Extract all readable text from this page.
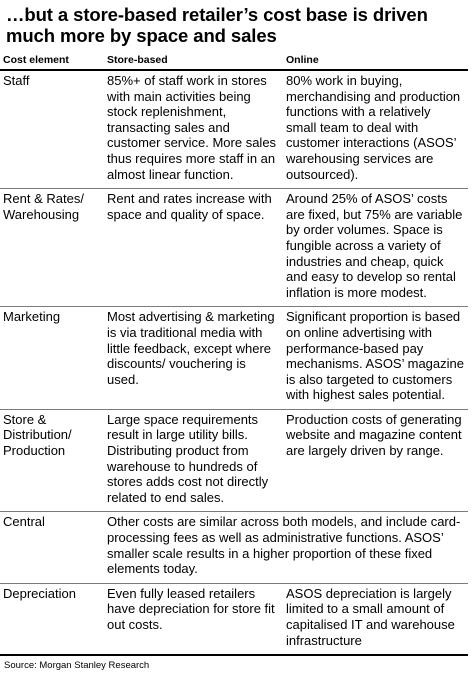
…but a store-based retailer’s cost base is driven much more by space and sales
Cost element	Store-based	Online
Staff	85%+ of staff work in stores with main activities being stock replenishment, transacting sales and customer service. More sales thus requires more staff in an almost linear function.	80% work in buying, merchandising and production functions with a relatively small team to deal with customer interactions (ASOS’ warehousing services are outsourced).
Rent & Rates/ Warehousing	Rent and rates increase with space and quality of space.	Around 25% of ASOS’ costs are fixed, but 75% are variable by order volumes. Space is fungible across a variety of industries and cheap, quick and easy to develop so rental inflation is more modest.
Marketing	Most advertising & marketing is via traditional media with little feedback, except where discounts/ vouchering is used.	Significant proportion is based on online advertising with performance-based pay mechanisms. ASOS’ magazine is also targeted to customers with highest sales potential.
Store & Distribution/ Production	Large space requirements result in large utility bills. Distributing product from warehouse to hundreds of stores adds cost not directly related to end sales.	Production costs of generating website and magazine content are largely driven by range.
Central	Other costs are similar across both models, and include card-processing fees as well as administrative functions. ASOS’ smaller scale results in a higher proportion of these fixed elements today.	
Depreciation	Even fully leased retailers have depreciation for store fit out costs.	ASOS depreciation is largely limited to a small amount of capitalised IT and warehouse infrastructure
Source: Morgan Stanley Research
